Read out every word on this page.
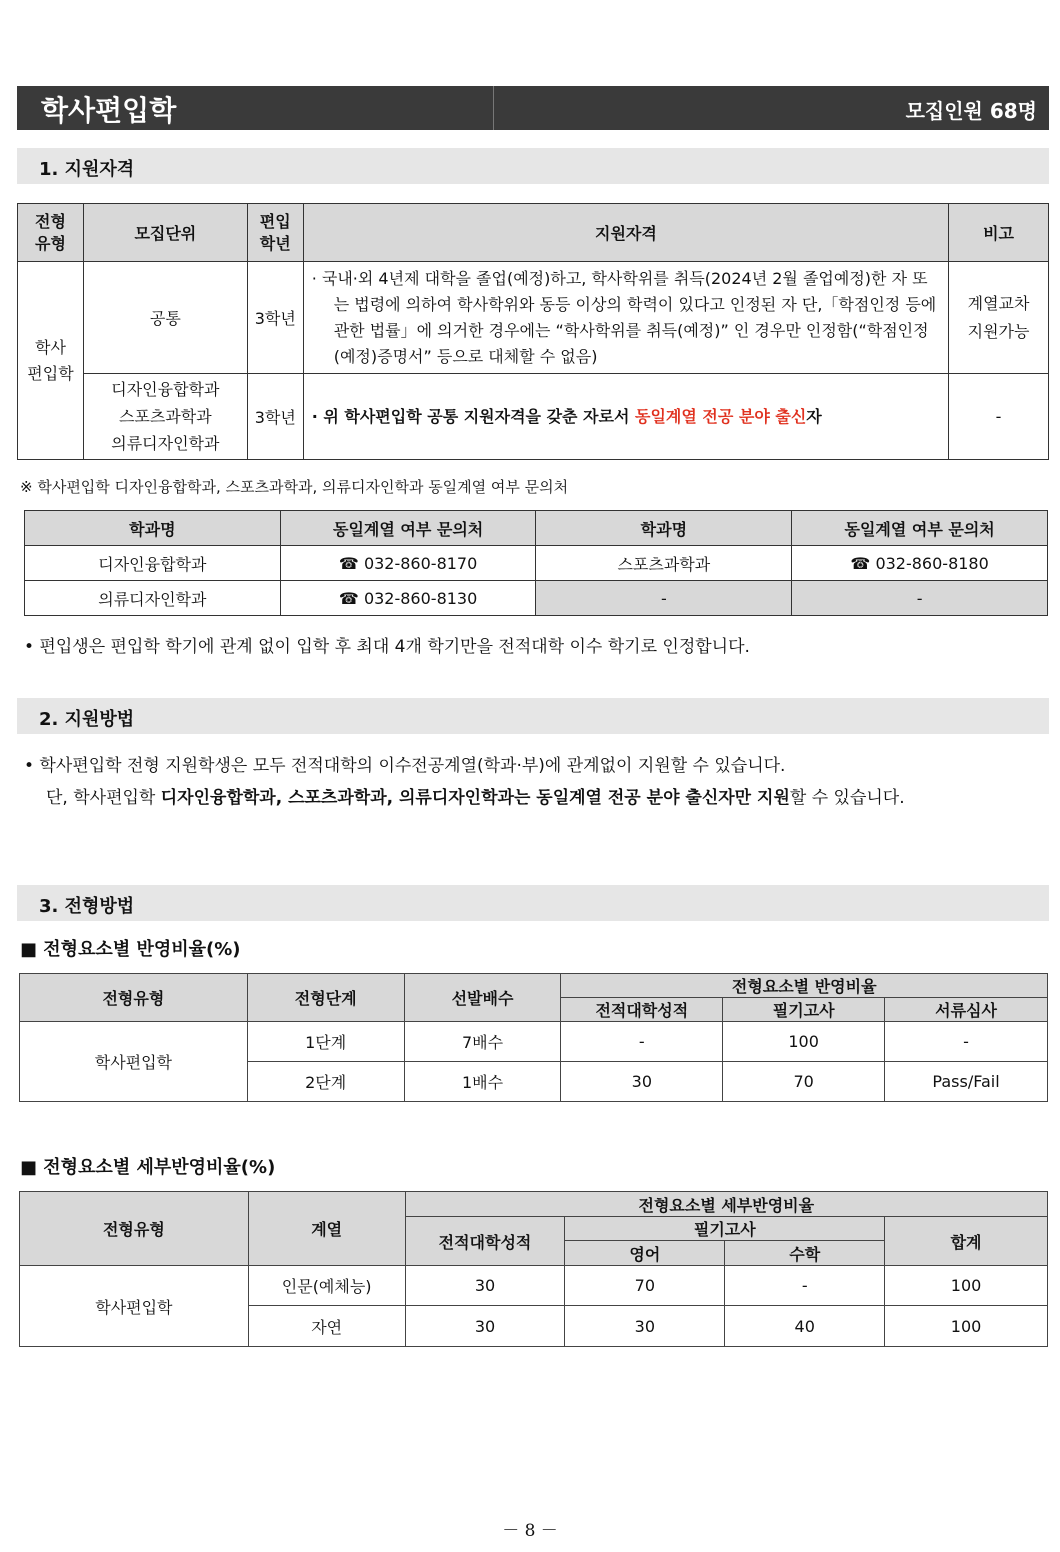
학사편입학	모집인원 68명
1. 지원자격
전형
유형	모집단위	편입
학년	지원자격	비고
학사
편입학	공통	3학년	· 국내·외 4년제 대학을 졸업(예정)하고, 학사학위를 취득(2024년 2월 졸업예정)한 자 또는 법령에 의하여 학사학위와 동등 이상의 학력이 있다고 인정된 자 단,「학점인정 등에 관한 법률」에 의거한 경우에는 “학사학위를 취득(예정)” 인 경우만 인정함(“학점인정(예정)증명서” 등으로 대체할 수 없음)	계열교차
지원가능
	디자인융합학과
스포츠과학과
의류디자인학과	3학년	· 위 학사편입학 공통 지원자격을 갖춘 자로서 동일계열 전공 분야 출신자	-
※ 학사편입학 디자인융합학과, 스포츠과학과, 의류디자인학과 동일계열 여부 문의처
학과명	동일계열 여부 문의처	학과명	동일계열 여부 문의처
디자인융합학과	☎ 032-860-8170	스포츠과학과	☎ 032-860-8180
의류디자인학과	☎ 032-860-8130	-	-
• 편입생은 편입학 학기에 관계 없이 입학 후 최대 4개 학기만을 전적대학 이수 학기로 인정합니다.
2. 지원방법
• 학사편입학 전형 지원학생은 모두 전적대학의 이수전공계열(학과·부)에 관계없이 지원할 수 있습니다.
단, 학사편입학 디자인융합학과, 스포츠과학과, 의류디자인학과는 동일계열 전공 분야 출신자만 지원할 수 있습니다.
3. 전형방법
■ 전형요소별 반영비율(%)
전형유형	전형단계	선발배수	전형요소별 반영비율		
			전적대학성적	필기고사	서류심사
학사편입학	1단계	7배수	-	100	-
	2단계	1배수	30	70	Pass/Fail
■ 전형요소별 세부반영비율(%)
전형유형	계열	전형요소별 세부반영비율			
		전적대학성적	필기고사		합계
			영어	수학	
학사편입학	인문(예체능)	30	70	-	100
	자연	30	30	40	100
－ 8 －
